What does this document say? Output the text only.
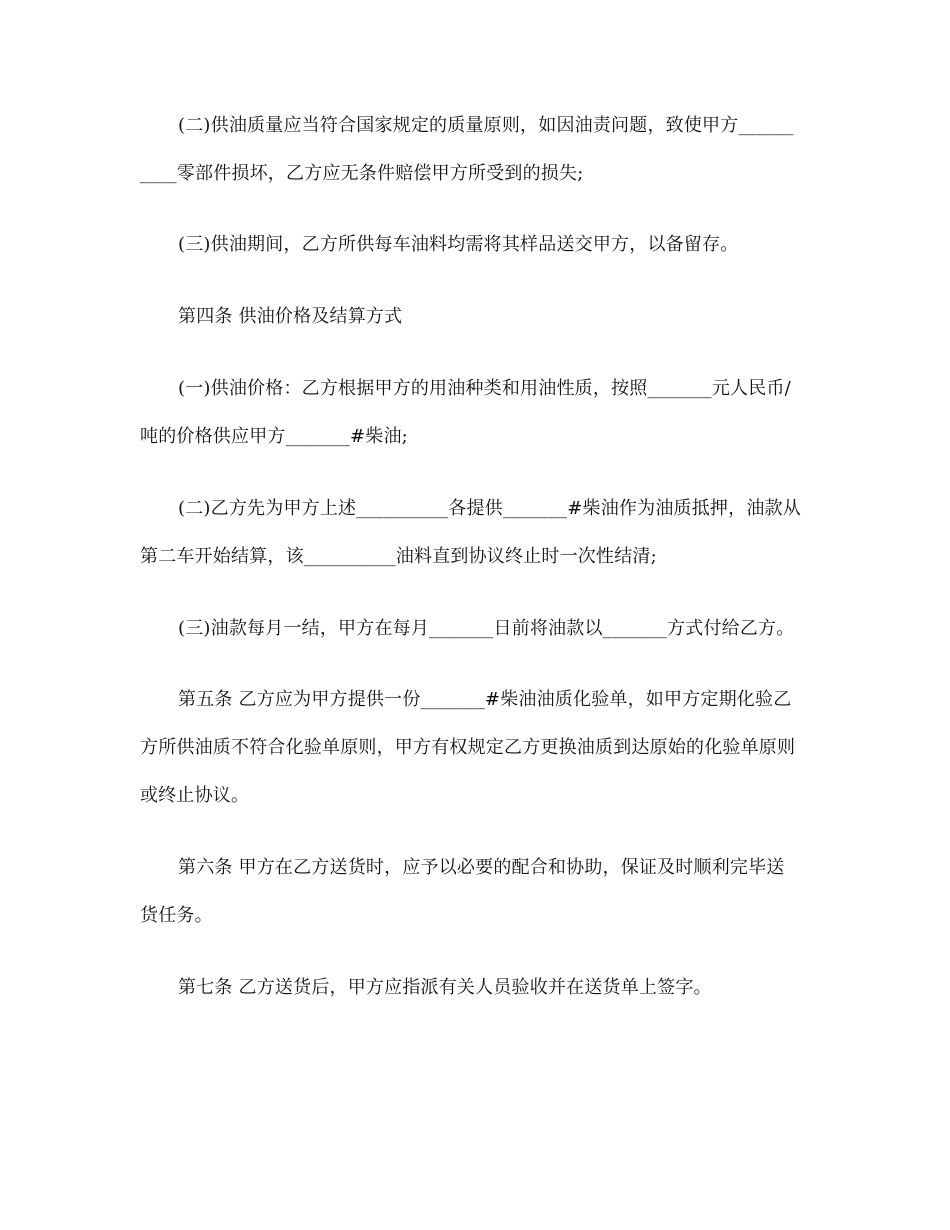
(二)供油质量应当符合国家规定的质量原则，如因油责问题，致使甲方______
____零部件损坏，乙方应无条件赔偿甲方所受到的损失;
(三)供油期间，乙方所供每车油料均需将其样品送交甲方，以备留存。
第四条 供油价格及结算方式
(一)供油价格：乙方根据甲方的用油种类和用油性质，按照_______元人民币/
吨的价格供应甲方_______#柴油;
(二)乙方先为甲方上述__________各提供_______#柴油作为油质抵押，油款从
第二车开始结算，该__________油料直到协议终止时一次性结清;
(三)油款每月一结，甲方在每月_______日前将油款以_______方式付给乙方。
第五条 乙方应为甲方提供一份_______#柴油油质化验单，如甲方定期化验乙
方所供油质不符合化验单原则，甲方有权规定乙方更换油质到达原始的化验单原则
或终止协议。
第六条 甲方在乙方送货时，应予以必要的配合和协助，保证及时顺利完毕送
货任务。
第七条 乙方送货后，甲方应指派有关人员验收并在送货单上签字。
